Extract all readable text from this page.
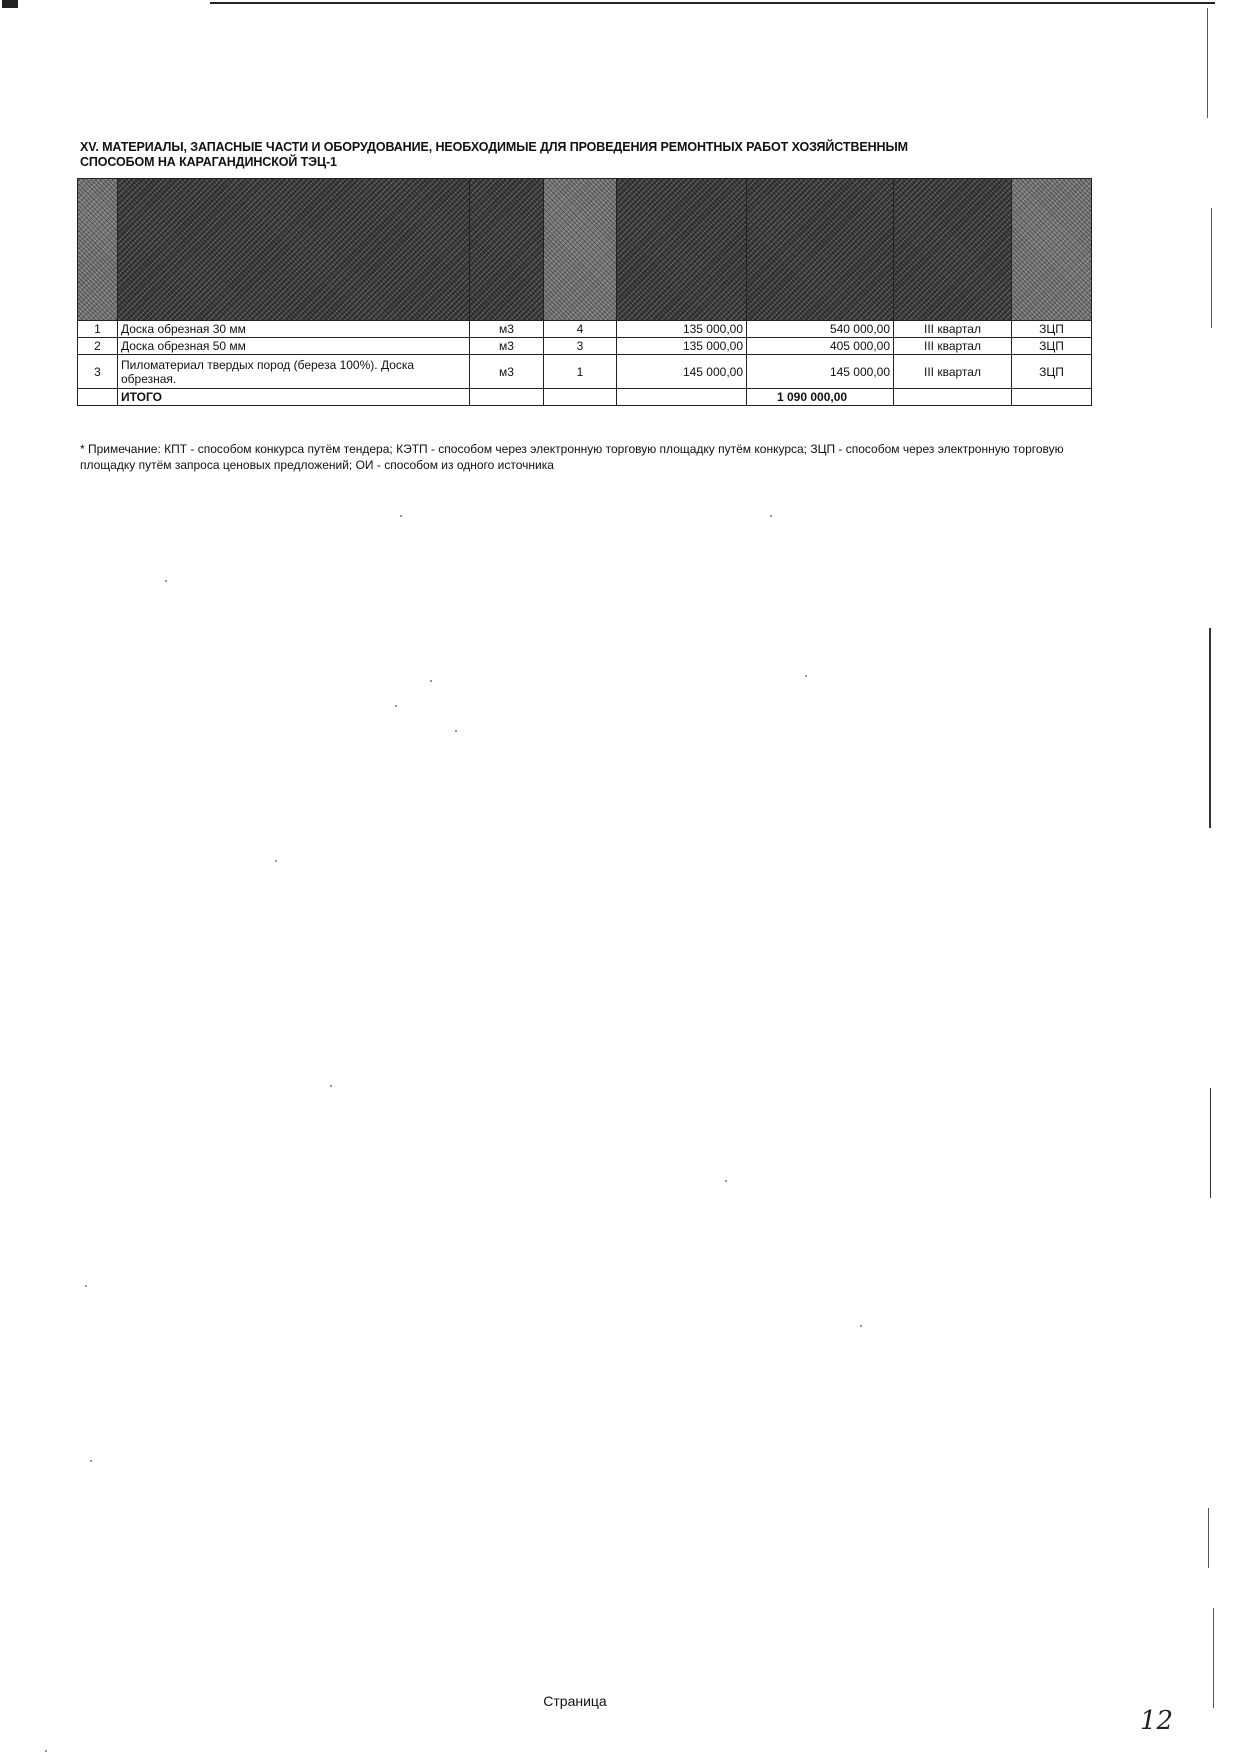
XV. МАТЕРИАЛЫ, ЗАПАСНЫЕ ЧАСТИ И ОБОРУДОВАНИЕ, НЕОБХОДИМЫЕ ДЛЯ ПРОВЕДЕНИЯ РЕМОНТНЫХ РАБОТ ХОЗЯЙСТВЕННЫМ
СПОСОБОМ НА КАРАГАНДИНСКОЙ ТЭЦ-1

1	Доска обрезная 30 мм	м3	4	135 000,00	540 000,00	III квартал	ЗЦП
2	Доска обрезная 50 мм	м3	3	135 000,00	405 000,00	III квартал	ЗЦП
3	Пиломатериал твердых пород (береза 100%). Доска обрезная.	м3	1	145 000,00	145 000,00	III квартал	ЗЦП
	ИТОГО				1 090 000,00		
* Примечание: КПТ - способом конкурса путём тендера; КЭТП - способом через электронную торговую площадку путём конкурса; ЗЦП - способом через электронную торговую площадку путём запроса ценовых предложений; ОИ - способом из одного источника
Страница
12
